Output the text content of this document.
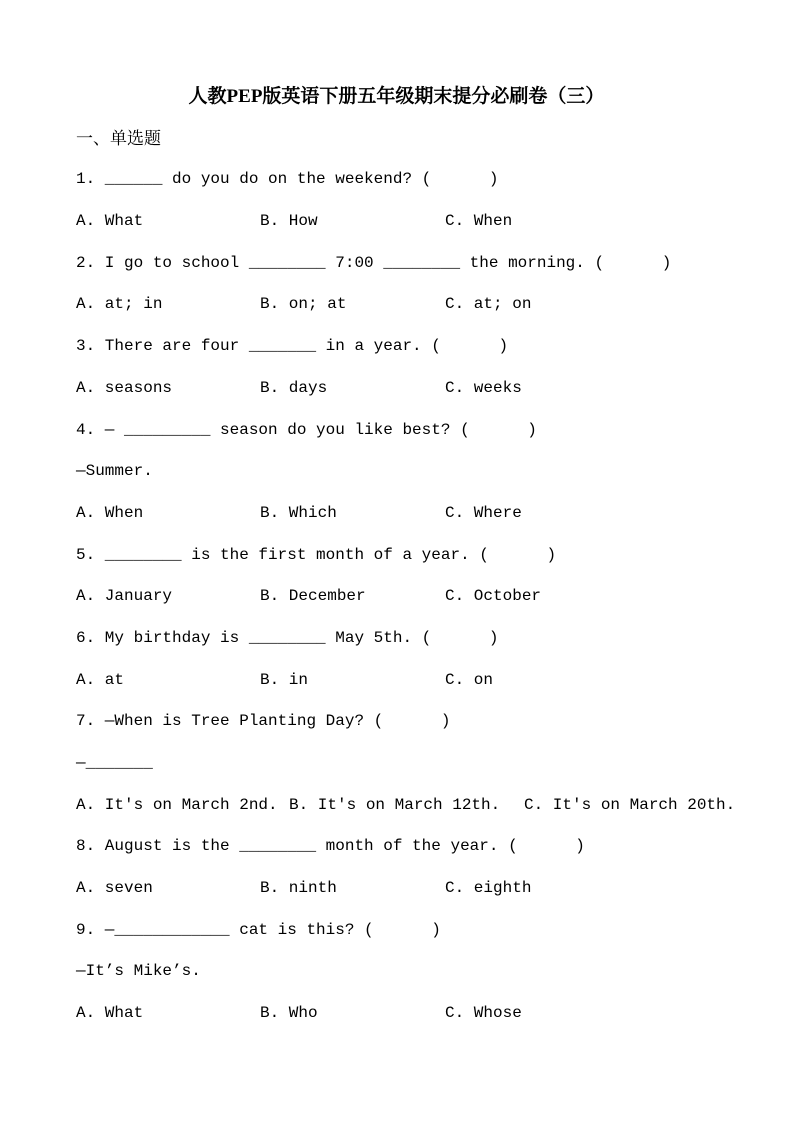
人教PEP版英语下册五年级期末提分必刷卷（三）
一、单选题
1. ______ do you do on the weekend? (      )
A. What	B. How	C. When
2. I go to school ________ 7:00 ________ the morning. (      )
A. at; in	B. on; at	C. at; on
3. There are four _______ in a year. (      )
A. seasons	B. days	C. weeks
4. — _________ season do you like best? (      )
—Summer.
A. When	B. Which	C. Where
5. ________ is the first month of a year. (      )
A. January	B. December	C. October
6. My birthday is ________ May 5th. (      )
A. at	B. in	C. on
7. —When is Tree Planting Day? (      )
—_______
A. It's on March 2nd. B. It's on March 12th.	C. It's on March 20th.
8. August is the ________ month of the year. (      )
A. seven	B. ninth	C. eighth
9. —____________ cat is this? (      )
—It’s Mike’s.
A. What	B. Who	C. Whose
